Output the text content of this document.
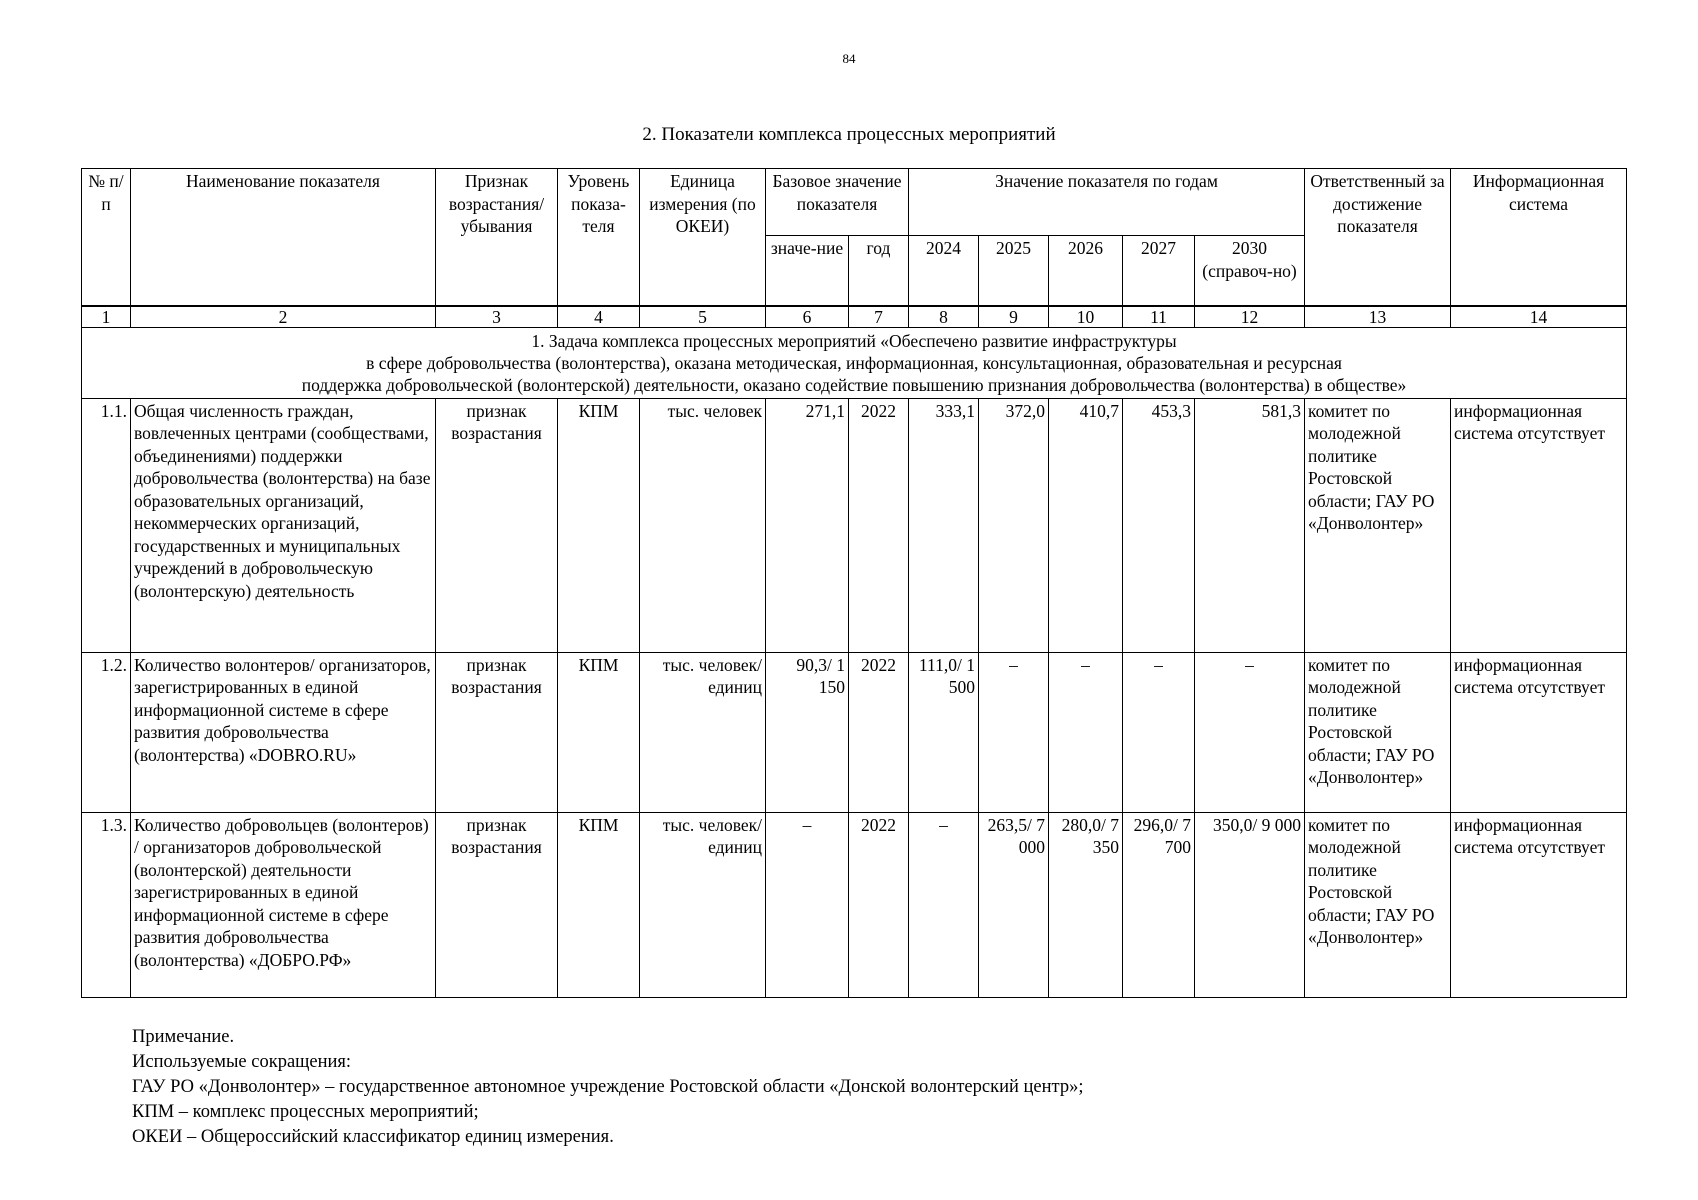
84
2. Показатели комплекса процессных мероприятий
№ п/п	Наименование показателя	Признак возрастания/ убывания	Уровень показа-теля	Единица измерения (по ОКЕИ)	Базовое значение показателя		Значение показателя по годам					Ответственный за достижение показателя	Информационная система
					значе-ние	год	2024	2025	2026	2027	2030 (справоч-но)		
1	2	3	4	5	6	7	8	9	10	11	12	13	14

1. Задача комплекса процессных мероприятий «Обеспечено развитие инфраструктуры
в сфере добровольчества (волонтерства), оказана методическая, информационная, консультационная, образовательная и ресурсная
поддержка добровольческой (волонтерской) деятельности, оказано содействие повышению признания добровольчества (волонтерства) в обществе»													

1.1.	Общая численность граждан, вовлеченных центрами (сообществами, объединениями) поддержки добровольчества (волонтерства) на базе образовательных организаций, некоммерческих организаций, государственных и муниципальных учреждений в добровольческую (волонтерскую) деятельность	признак возрастания	КПМ	тыс. человек	271,1	2022	333,1	372,0	410,7	453,3	581,3	комитет по молодежной политике Ростовской области; ГАУ РО «Донволонтер»	информационная система отсутствует
1.2.	Количество волонтеров/ организаторов, зарегистрированных в единой информационной системе в сфере развития добровольчества (волонтерства) «DOBRO.RU»	признак возрастания	КПМ	тыс. человек/ единиц	90,3/ 1 150	2022	111,0/ 1 500	–	–	–	–	комитет по молодежной политике Ростовской области; ГАУ РО «Донволонтер»	информационная система отсутствует
1.3.	Количество добровольцев (волонтеров) / организаторов добровольческой (волонтерской) деятельности зарегистрированных в единой информационной системе в сфере развития добровольчества (волонтерства) «ДОБРО.РФ»	признак возрастания	КПМ	тыс. человек/ единиц	–	2022	–	263,5/ 7 000	280,0/ 7 350	296,0/ 7 700	350,0/ 9 000	комитет по молодежной политике Ростовской области; ГАУ РО «Донволонтер»	информационная система отсутствует
Примечание.
Используемые сокращения:
ГАУ РО «Донволонтер» – государственное автономное учреждение Ростовской области «Донской волонтерский центр»;
КПМ – комплекс процессных мероприятий;
ОКЕИ – Общероссийский классификатор единиц измерения.
